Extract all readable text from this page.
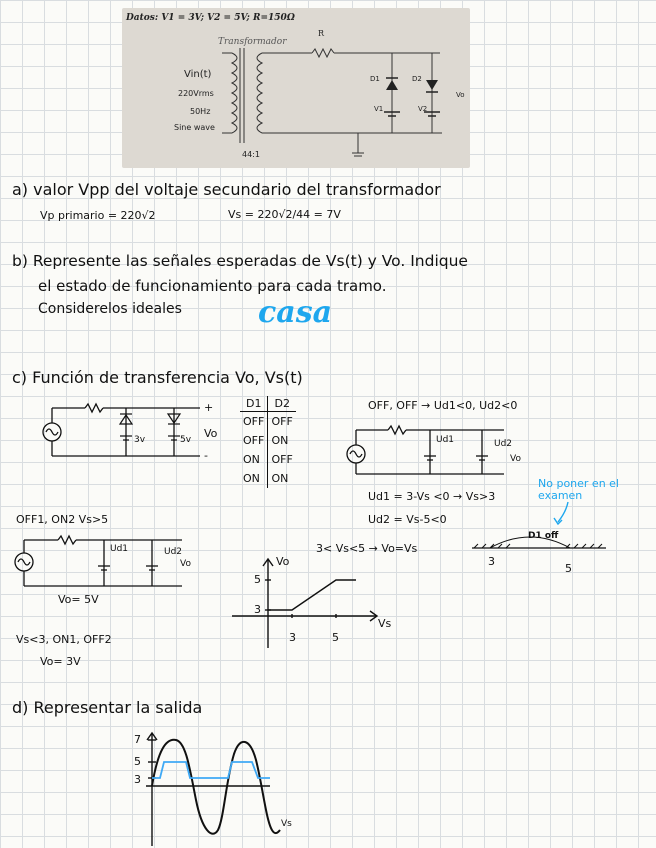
Datos: V1 = 3V; V2 = 5V; R=150Ω
Transformador
R
Vin(t)
220Vrms
50Hz
Sine wave
44:1
D1	D2
V1	V2
Vo
a) valor Vpp del voltaje secundario del transformador
Vp primario = 220√2	Vs = 220√2/44 = 7V
b) Represente las señales esperadas de Vs(t) y Vo. Indique
el estado de funcionamiento para cada tramo.
Considerelos ideales	casa
c) Función de transferencia Vo, Vs(t)
3v	5v Vo
+
-
D1	D2
OFF	OFF
OFF	ON
ON	OFF
ON	ON
OFF, OFF → Ud1<0, Ud2<0
Ud1	Ud2
Vo
Ud1 = 3-Vs <0 → Vs>3
Ud2 = Vs-5<0
3< Vs<5 → Vo=Vs
No poner en el examen
D1 off
3
5
OFF1, ON2 Vs>5
Ud1	Ud2
Vo
Vo= 5V
Vs<3, ON1, OFF2
Vo= 3V
Vo
Vs
5
3
3	5
d) Representar la salida
7
5
3
Vs
